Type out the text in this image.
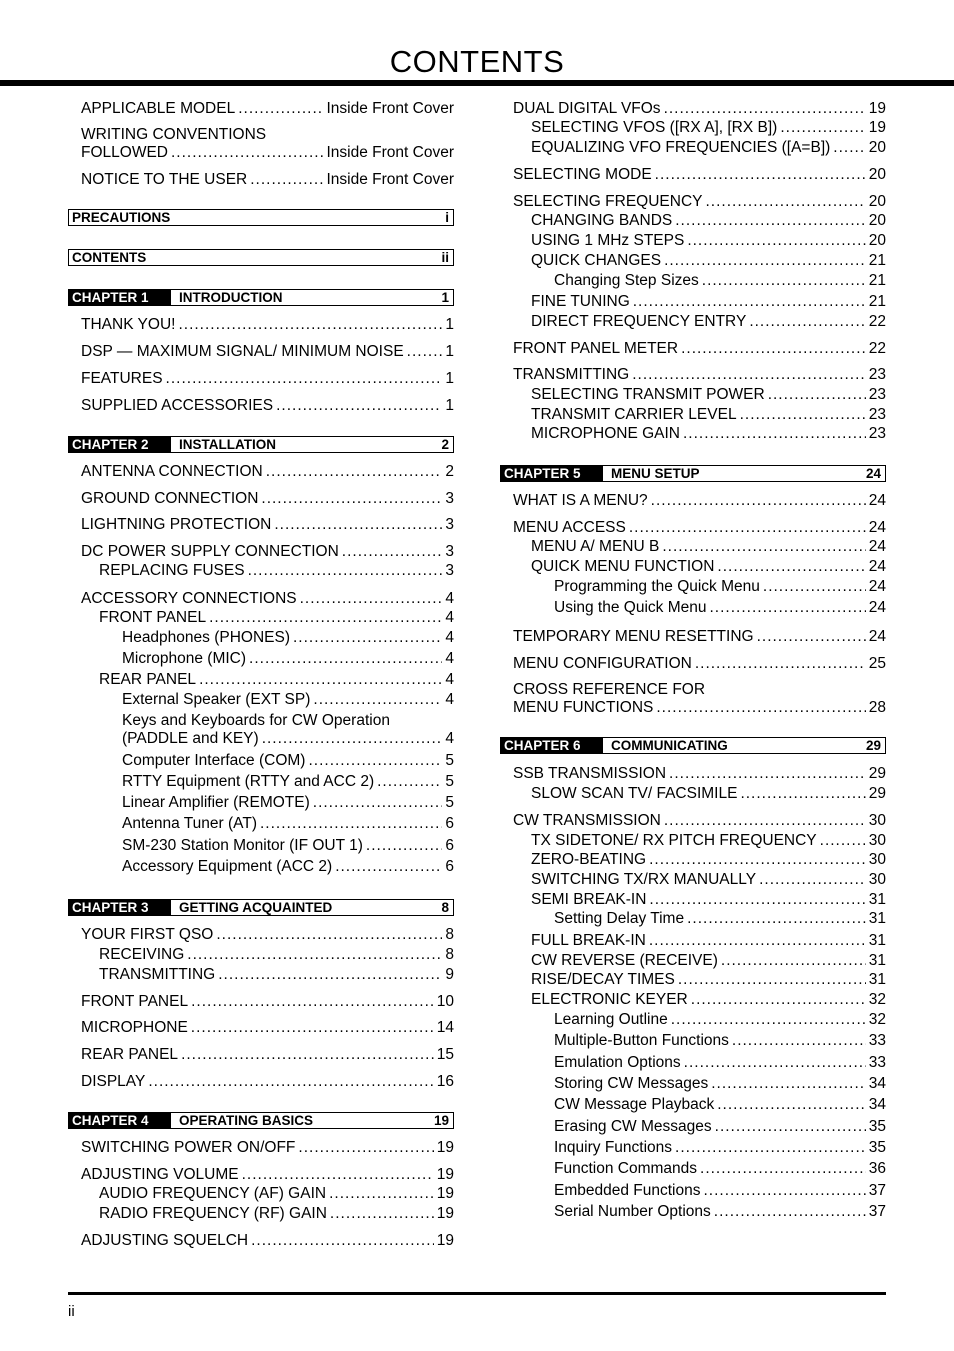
CONTENTS
APPLICABLE MODEL .....	Inside Front Cover
WRITING CONVENTIONS
FOLLOWED .....	Inside Front Cover
NOTICE TO THE USER .....	Inside Front Cover
THANK YOU! .....	1
DSP — MAXIMUM SIGNAL/ MINIMUM NOISE .....	1
FEATURES .....	1
SUPPLIED ACCESSORIES .....	1
ANTENNA CONNECTION .....	2
GROUND CONNECTION .....	3
LIGHTNING PROTECTION .....	3
DC POWER SUPPLY CONNECTION .....	3
REPLACING FUSES .....	3
ACCESSORY CONNECTIONS .....	4
FRONT PANEL .....	4
Headphones (PHONES) .....	4
Microphone (MIC) .....	4
REAR PANEL .....	4
External Speaker (EXT SP) .....	4
Keys and Keyboards for CW Operation
(PADDLE and KEY) .....	4
Computer Interface (COM) .....	5
RTTY Equipment (RTTY and ACC 2) .....	5
Linear Amplifier (REMOTE) .....	5
Antenna Tuner (AT) .....	6
SM-230 Station Monitor (IF OUT 1) .....	6
Accessory Equipment (ACC 2) .....	6
YOUR FIRST QSO .....	8
RECEIVING .....	8
TRANSMITTING .....	9
FRONT PANEL .....	10
MICROPHONE .....	14
REAR PANEL .....	15
DISPLAY .....	16
SWITCHING POWER ON/OFF .....	19
ADJUSTING VOLUME .....	19
AUDIO FREQUENCY (AF) GAIN .....	19
RADIO FREQUENCY (RF) GAIN .....	19
ADJUSTING SQUELCH .....	19
PRECAUTIONS	i
CONTENTS	ii
CHAPTER 1	INTRODUCTION	1
CHAPTER 2	INSTALLATION	2
CHAPTER 3	GETTING ACQUAINTED	8
CHAPTER 4	OPERATING BASICS	19
DUAL DIGITAL VFOs .....	19
SELECTING VFOS ([RX A], [RX B]) .....	19
EQUALIZING VFO FREQUENCIES ([A=B]) ..... 20
SELECTING MODE .....	20
SELECTING FREQUENCY .....	20
CHANGING BANDS .....	20
USING 1 MHz STEPS .....	20
QUICK CHANGES .....	21
Changing Step Sizes .....	21
FINE TUNING .....	21
DIRECT FREQUENCY ENTRY .....	22
FRONT PANEL METER .....	22
TRANSMITTING .....	23
SELECTING TRANSMIT POWER .....	23
TRANSMIT CARRIER LEVEL .....	23
MICROPHONE GAIN .....	23
WHAT IS A MENU? .....	24
MENU ACCESS .....	24
MENU A/ MENU B .....	24
QUICK MENU FUNCTION .....	24
Programming the Quick Menu .....	24
Using the Quick Menu .....	24
TEMPORARY MENU RESETTING .....	24
MENU CONFIGURATION .....	25
CROSS REFERENCE FOR
MENU FUNCTIONS .....	28
SSB TRANSMISSION .....	29
SLOW SCAN TV/ FACSIMILE .....	29
CW TRANSMISSION .....	30
TX SIDETONE/ RX PITCH FREQUENCY .....	30
ZERO-BEATING .....	30
SWITCHING TX/RX MANUALLY .....	30
SEMI BREAK-IN .....	31
Setting Delay Time .....	31
FULL BREAK-IN .....	31
CW REVERSE (RECEIVE) .....	31
RISE/DECAY TIMES .....	31
ELECTRONIC KEYER .....	32
Learning Outline .....	32
Multiple-Button Functions .....	33
Emulation Options .....	33
Storing CW Messages .....	34
CW Message Playback .....	34
Erasing CW Messages .....	35
Inquiry Functions .....	35
Function Commands .....	36
Embedded Functions .....	37
Serial Number Options .....	37
CHAPTER 5	MENU SETUP	24
CHAPTER 6	COMMUNICATING	29
ii
